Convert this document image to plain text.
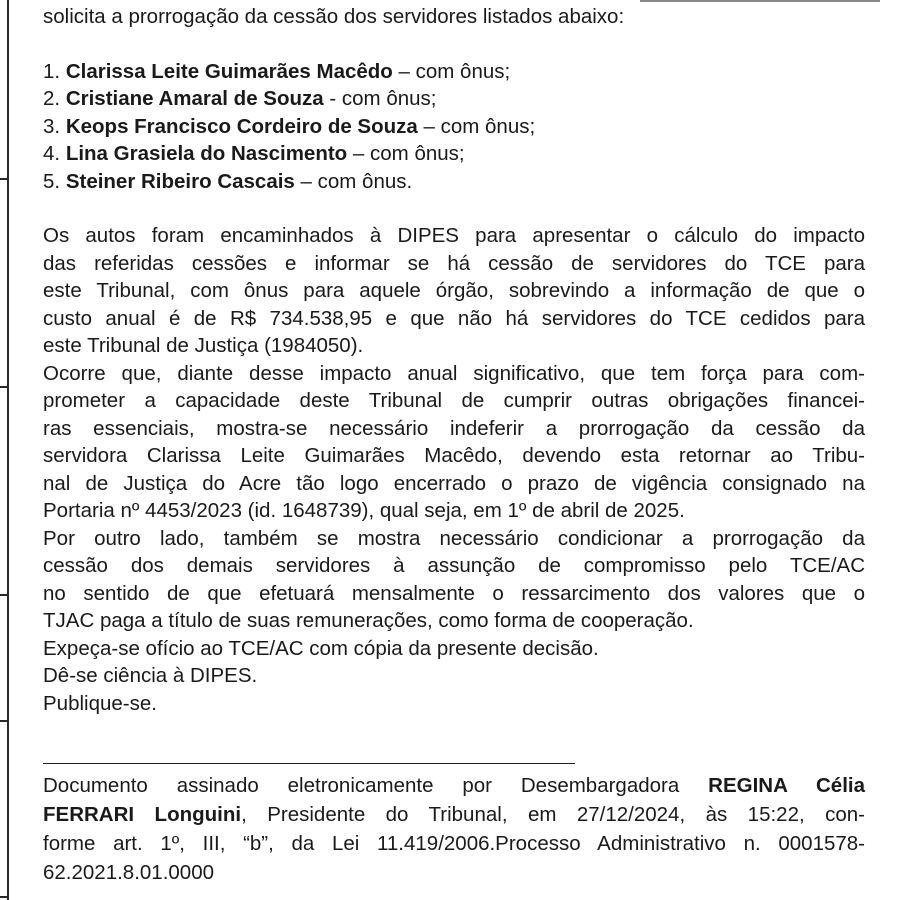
solicita a prorrogação da cessão dos servidores listados abaixo:
1. Clarissa Leite Guimarães Macêdo – com ônus;
2. Cristiane Amaral de Souza - com ônus;
3. Keops Francisco Cordeiro de Souza – com ônus;
4. Lina Grasiela do Nascimento – com ônus;
5. Steiner Ribeiro Cascais – com ônus.
Os autos foram encaminhados à DIPES para apresentar o cálculo do impacto
das referidas cessões e informar se há cessão de servidores do TCE para
este Tribunal, com ônus para aquele órgão, sobrevindo a informação de que o
custo anual é de R$ 734.538,95 e que não há servidores do TCE cedidos para
este Tribunal de Justiça (1984050).
Ocorre que, diante desse impacto anual significativo, que tem força para com-
prometer a capacidade deste Tribunal de cumprir outras obrigações financei-
ras essenciais, mostra-se necessário indeferir a prorrogação da cessão da
servidora Clarissa Leite Guimarães Macêdo, devendo esta retornar ao Tribu-
nal de Justiça do Acre tão logo encerrado o prazo de vigência consignado na
Portaria nº 4453/2023 (id. 1648739), qual seja, em 1º de abril de 2025.
Por outro lado, também se mostra necessário condicionar a prorrogação da
cessão dos demais servidores à assunção de compromisso pelo TCE/AC
no sentido de que efetuará mensalmente o ressarcimento dos valores que o
TJAC paga a título de suas remunerações, como forma de cooperação.
Expeça-se ofício ao TCE/AC com cópia da presente decisão.
Dê-se ciência à DIPES.
Publique-se.
Documento assinado eletronicamente por Desembargadora REGINA Célia
FERRARI Longuini, Presidente do Tribunal, em 27/12/2024, às 15:22, con-
forme art. 1º, III, “b”, da Lei 11.419/2006.Processo Administrativo n. 0001578-
62.2021.8.01.0000
